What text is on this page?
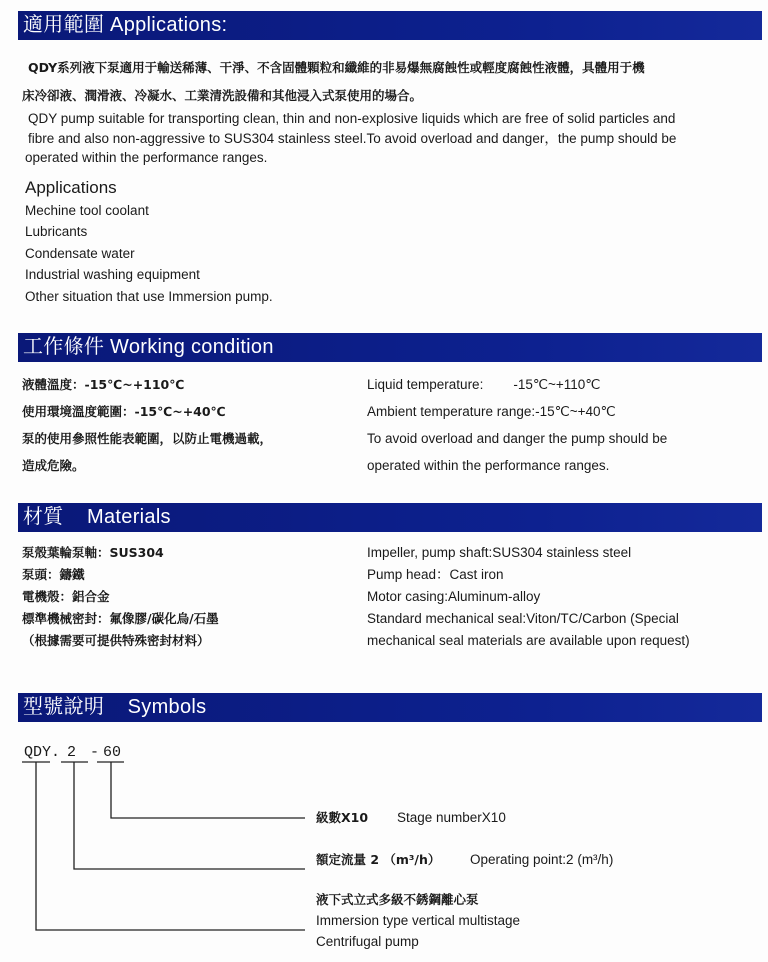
適用範圍 Applications:
QDY系列液下泵適用于輸送稀薄、干淨、不含固體顆粒和纖維的非易爆無腐蝕性或輕度腐蝕性液體，具體用于機
床冷卻液、潤滑液、冷凝水、工業清洗設備和其他浸入式泵使用的場合。
QDY pump suitable for transporting clean, thin and non-explosive liquids which are free of solid particles and
fibre and also non-aggressive to SUS304 stainless steel.To avoid overload and danger，the pump should be
operated within the performance ranges.
Applications
Mechine tool coolant
Lubricants
Condensate water
Industrial washing equipment
Other situation that use Immersion pump.
工作條件 Working condition
液體溫度：-15℃~+110℃
使用環境溫度範圍：-15℃~+40℃
泵的使用參照性能表範圍，以防止電機過載，
造成危險。
Liquid temperature:        -15℃~+110℃
Ambient temperature range:-15℃~+40℃
To avoid overload and danger the pump should be
operated within the performance ranges.
材質    Materials
泵殼葉輪泵軸：SUS304
泵頭：鑄鐵
電機殼：鋁合金
標準機械密封：氟像膠/碳化烏/石墨
（根據需要可提供特殊密封材料）
Impeller, pump shaft:SUS304 stainless steel
Pump head：Cast iron
Motor casing:Aluminum-alloy
Standard mechanical seal:Viton/TC/Carbon (Special
mechanical seal materials are available upon request)
型號說明    Symbols
QDY. 2 - 60
級數X10 Stage numberX10
額定流量 2 （m³/h） Operating point:2 (m³/h)
液下式立式多級不銹鋼離心泵
Immersion type vertical multistage
Centrifugal pump
